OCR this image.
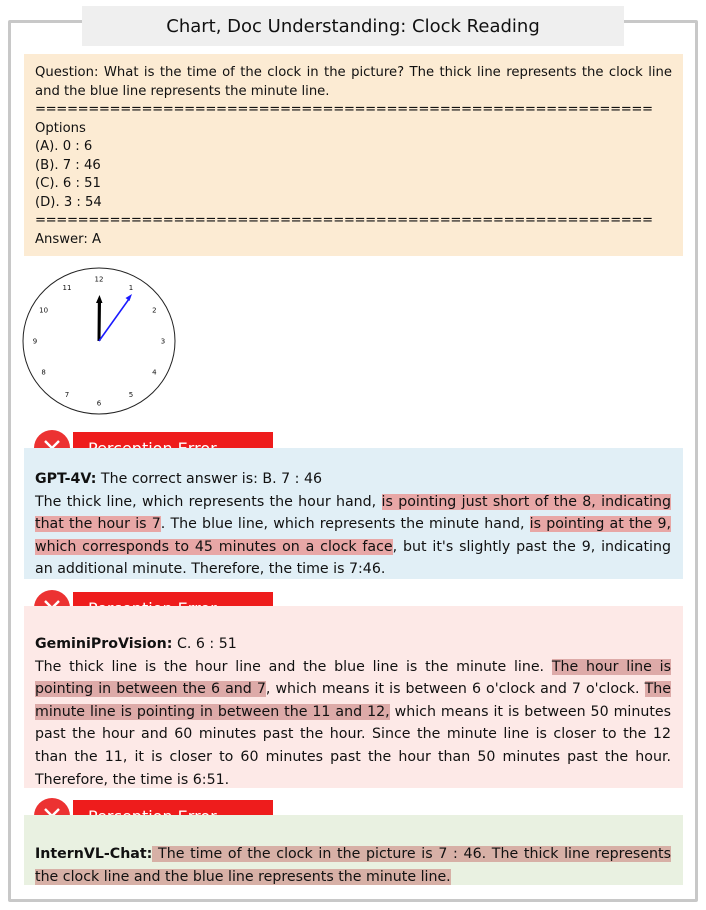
Chart, Doc Understanding: Clock Reading
Question: What is the time of the clock in the picture? The thick line represents the clock line and the blue line represents the minute line.
==========================================================
Options
(A). 0 : 6
(B). 7 : 46
(C). 6 : 51
(D). 3 : 54
==========================================================
Answer: A
12
1
2
3
4
5
6
7
8
9
10
11
GPT-4V: The correct answer is: B. 7 : 46
The thick line, which represents the hour hand, is pointing just short of the 8, indicating that the hour is 7. The blue line, which represents the minute hand, is pointing at the 9, which corresponds to 45 minutes on a clock face, but it's slightly past the 9, indicating an additional minute. Therefore, the time is 7:46.
GeminiProVision: C. 6 : 51
The thick line is the hour line and the blue line is the minute line. The hour line is pointing in between the 6 and 7, which means it is between 6 o'clock and 7 o'clock. The minute line is pointing in between the 11 and 12, which means it is between 50 minutes past the hour and 60 minutes past the hour. Since the minute line is closer to the 12 than the 11, it is closer to 60 minutes past the hour than 50 minutes past the hour. Therefore, the time is 6:51.
InternVL-Chat: The time of the clock in the picture is 7 : 46. The thick line represents the clock line and the blue line represents the minute line.
